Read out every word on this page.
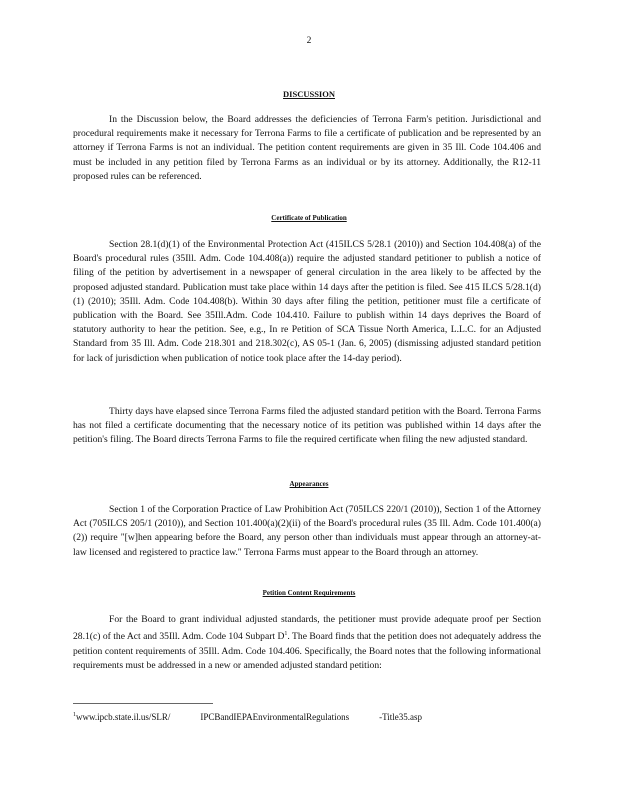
2
DISCUSSION

In the Discussion below, the Board addresses the deficiencies of Terrona Farm's petition. Jurisdictional and procedural requirements make it necessary for Terrona Farms to file a certificate of publication and be represented by an attorney if Terrona Farms is not an individual. The petition content requirements are given in 35 Ill. Code 104.406 and must be included in any petition filed by Terrona Farms as an individual or by its attorney. Additionally, the R12-11 proposed rules can be referenced.

Certificate of Publication

Section 28.1(d)(1) of the Environmental Protection Act (415ILCS 5/28.1 (2010)) and Section 104.408(a) of the Board's procedural rules (35Ill. Adm. Code 104.408(a)) require the adjusted standard petitioner to publish a notice of filing of the petition by advertisement in a newspaper of general circulation in the area likely to be affected by the proposed adjusted standard. Publication must take place within 14 days after the petition is filed. See 415 ILCS 5/28.1(d)(1) (2010); 35Ill. Adm. Code 104.408(b). Within 30 days after filing the petition, petitioner must file a certificate of publication with the Board. See 35Ill.Adm. Code 104.410. Failure to publish within 14 days deprives the Board of statutory authority to hear the petition. See, e.g., In re Petition of SCA Tissue North America, L.L.C. for an Adjusted Standard from 35 Ill. Adm. Code 218.301 and 218.302(c), AS 05-1 (Jan. 6, 2005) (dismissing adjusted standard petition for lack of jurisdiction when publication of notice took place after the 14-day period).

Thirty days have elapsed since Terrona Farms filed the adjusted standard petition with the Board. Terrona Farms has not filed a certificate documenting that the necessary notice of its petition was published within 14 days after the petition's filing. The Board directs Terrona Farms to file the required certificate when filing the new adjusted standard.

Appearances

Section 1 of the Corporation Practice of Law Prohibition Act (705ILCS 220/1 (2010)), Section 1 of the Attorney Act (705ILCS 205/1 (2010)), and Section 101.400(a)(2)(ii) of the Board's procedural rules (35 Ill. Adm. Code 101.400(a)(2)) require "[w]hen appearing before the Board, any person other than individuals must appear through an attorney-at-law licensed and registered to practice law." Terrona Farms must appear to the Board through an attorney.

Petition Content Requirements

For the Board to grant individual adjusted standards, the petitioner must provide adequate proof per Section 28.1(c) of the Act and 35Ill. Adm. Code 104 Subpart $D^1$. The Board finds that the petition does not adequately address the petition content requirements of 35Ill. Adm. Code 104.406. Specifically, the Board notes that the following informational requirements must be addressed in a new or amended adjusted standard petition:

$^1$www.ipcb.state.il.us/SLR/	IPCBandIEPAEnvironmentalRegulations	-Title35.asp
